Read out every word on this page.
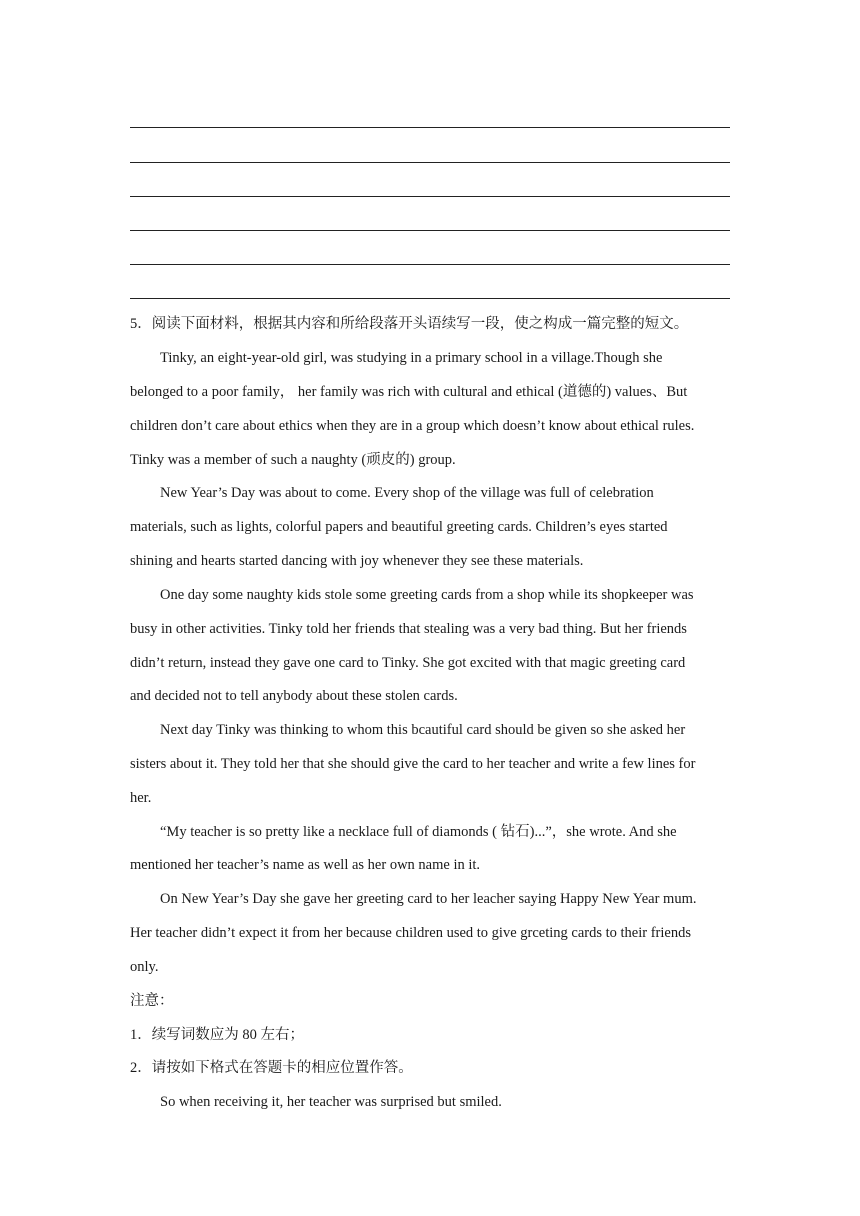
5．阅读下面材料，根据其内容和所给段落开头语续写一段，使之构成一篇完整的短文。
Tinky, an eight-year-old girl, was studying in a primary school in a village.Though she
belonged to a poor family， her family was rich with cultural and ethical (道德的) values、But
children don’t care about ethics when they are in a group which doesn’t know about ethical rules.
Tinky was a member of such a naughty (顽皮的) group.
New Year’s Day was about to come. Every shop of the village was full of celebration
materials, such as lights, colorful papers and beautiful greeting cards. Children’s eyes started
shining and hearts started dancing with joy whenever they see these materials.
One day some naughty kids stole some greeting cards from a shop while its shopkeeper was
busy in other activities. Tinky told her friends that stealing was a very bad thing. But her friends
didn’t return, instead they gave one card to Tinky. She got excited with that magic greeting card
and decided not to tell anybody about these stolen cards.
Next day Tinky was thinking to whom this bcautiful card should be given so she asked her
sisters about it. They told her that she should give the card to her teacher and write a few lines for
her.
“My teacher is so pretty like a necklace full of diamonds ( 钻石)...”，she wrote. And she
mentioned her teacher’s name as well as her own name in it.
On New Year’s Day she gave her greeting card to her leacher saying Happy New Year mum.
Her teacher didn’t expect it from her because children used to give grceting cards to their friends
only.
注意：
1．续写词数应为 80 左右；
2．请按如下格式在答题卡的相应位置作答。
So when receiving it, her teacher was surprised but smiled.
